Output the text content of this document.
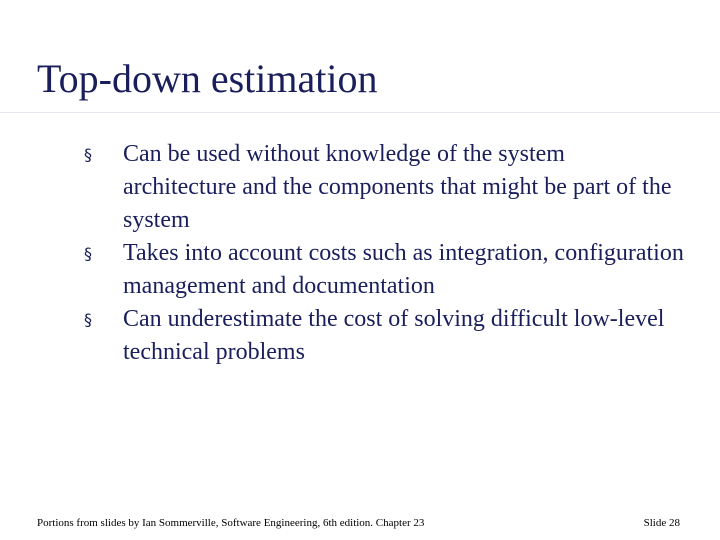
Top-down estimation
§ Can be used without knowledge of the system architecture and the components that might be part of the system
§ Takes into account costs such as integration, configuration management and documentation
§ Can underestimate the cost of solving difficult low-level technical problems
Portions from slides by Ian Sommerville, Software Engineering, 6th edition. Chapter 23	Slide 28
